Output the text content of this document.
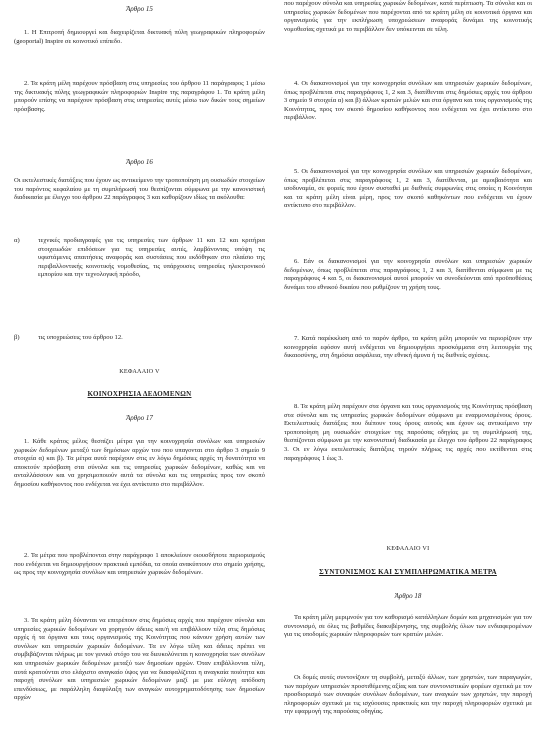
Άρθρο 15

1. Η Επιτροπή δημιουργεί και διαχειρίζεται δικτυακή πύλη γεωγραφικών πληροφοριών (geoportal) Inspire σε κοινοτικό επίπεδο.

2. Τα κράτη μέλη παρέχουν πρόσβαση στις υπηρεσίες του άρθρου 11 παράγραφος 1 μέσω της δικτυακής πύλης γεωγραφικών πληροφοριών Inspire της παραγράφου 1. Τα κράτη μέλη μπορούν επίσης να παρέχουν πρόσβαση στις υπηρεσίες αυτές μέσω των δικών τους σημείων πρόσβασης.

Άρθρο 16

Οι εκτελεστικές διατάξεις που έχουν ως αντικείμενο την τροποποίηση μη ουσιωδών στοιχείων του παρόντος κεφαλαίου με τη συμπλήρωσή του θεσπίζονται σύμφωνα με την κανονιστική διαδικασία με έλεγχο του άρθρου 22 παράγραφος 3 και καθορίζουν ιδίως τα ακόλουθα:

α)	τεχνικές προδιαγραφές για τις υπηρεσίες των άρθρων 11 και 12 και κριτήρια στοιχειωδών επιδόσεων για τις υπηρεσίες αυτές, λαμβάνοντας υπόψη τις υφιστάμενες απαιτήσεις αναφοράς και συστάσεις που εκδόθηκαν στο πλαίσιο της περιβαλλοντικής κοινοτικής νομοθεσίας, τις υπάρχουσες υπηρεσίες ηλεκτρονικού εμπορίου και την τεχνολογική πρόοδο,

β)	τις υποχρεώσεις του άρθρου 12.

ΚΕΦΑΛΑΙΟ V

ΚΟΙΝΟΧΡΗΣΙΑ ΔΕΔΟΜΕΝΩΝ

Άρθρο 17

1. Κάθε κράτος μέλος θεσπίζει μέτρα για την κοινοχρησία συνόλων και υπηρεσιών χωρικών δεδομένων μεταξύ των δημόσιων αρχών του που υπαγονται στο άρθρο 3 σημείο 9 στοιχεία α) και β). Τα μέτρα αυτά παρέχουν στις εν λόγω δημόσιες αρχές τη δυνατότητα να αποκτούν πρόσβαση στα σύνολα και τις υπηρεσίες χωρικών δεδομένων, καθώς και να ανταλλάσσουν και να χρησιμοποιούν αυτά τα σύνολα και τις υπηρεσίες προς τον σκοπό δημοσίου καθήκοντος που ενδέχεται να έχει αντίκτυπο στο περιβάλλον.

2. Τα μέτρα που προβλέπονται στην παράγραφο 1 αποκλείουν οιουσδήποτε περιορισμούς που ενδέχεται να δημιουργήσουν πρακτικά εμπόδια, τα οποία ανακύπτουν στο σημείο χρήσης, ως προς την κοινοχρησία συνόλων και υπηρεσιών χωρικών δεδομένων.

3. Τα κράτη μέλη δύνανται να επιτρέπουν στις δημόσιες αρχές που παρέχουν σύνολα και υπηρεσίες χωρικών δεδομένων να χορηγούν άδειες και/ή να επιβάλλουν τέλη στις δημόσιες αρχές ή τα όργανα και τους οργανισμούς της Κοινότητας που κάνουν χρήση αυτών των συνόλων και υπηρεσιών χωρικών δεδομένων. Τα εν λόγω τέλη και άδειες πρέπει να συμβιβάζονται πλήρως με τον γενικό στόχο του να διευκολύνεται η κοινοχρησία των συνόλων και υπηρεσιών χωρικών δεδομένων μεταξύ των δημοσίων αρχών. Όταν επιβάλλονται τέλη, αυτά κρατούνται στο ελάχιστο αναγκαίο ύψος για να διασφαλίζεται η αναγκαία ποιότητα και παροχή συνόλων και υπηρεσιών χωρικών δεδομένων μαζί με μια εύλογη απόδοση επενδύσεως, με παράλληλη διαφύλαξη των αναγκών αυτοχρηματοδότησης των δημοσίων αρχών

που παρέχουν σύνολα και υπηρεσίες χωρικών δεδομένων, κατά περίπτωση. Τα σύνολα και οι υπηρεσίες χωρικών δεδομένων που παρέχονται από τα κράτη μέλη σε κοινοτικά όργανα και οργανισμούς για την εκπλήρωση υποχρεώσεων αναφοράς δυνάμει της κοινοτικής νομοθεσίας σχετικά με το περιβάλλον δεν υπόκεινται σε τέλη.

4. Οι διακανονισμοί για την κοινοχρησία συνόλων και υπηρεσιών χωρικών δεδομένων, όπως προβλέπεται στις παραγράφους 1, 2 και 3, διατίθενται στις δημόσιες αρχές του άρθρου 3 σημείο 9 στοιχεία α) και β) άλλων κρατών μελών και στα όργανα και τους οργανισμούς της Κοινότητας, προς τον σκοπό δημοσίου καθήκοντος που ενδέχεται να έχει αντίκτυπο στο περιβάλλον.

5. Οι διακανονισμοί για την κοινοχρησία συνόλων και υπηρεσιών χωρικών δεδομένων, όπως προβλέπεται στις παραγράφους 1, 2 και 3, διατίθενται, με αμοιβαιότητα και ισοδυναμία, σε φορείς που έχουν συσταθεί με διεθνείς συμφωνίες στις οποίες η Κοινότητα και τα κράτη μέλη είναι μέρη, προς τον σκοπό καθηκόντων που ενδέχεται να έχουν αντίκτυπο στο περιβάλλον.

6. Εάν οι διακανονισμοί για την κοινοχρησία συνόλων και υπηρεσιών χωρικών δεδομένων, όπως προβλέπεται στις παραγράφους 1, 2 και 3, διατίθενται σύμφωνα με τις παραγράφους 4 και 5, οι διακανονισμοί αυτοί μπορούν να συνοδεύονται από προϋποθέσεις δυνάμει του εθνικού δικαίου που ρυθμίζουν τη χρήση τους.

7. Κατά παρέκκλιση από το παρόν άρθρο, τα κράτη μέλη μπορούν να περιορίζουν την κοινοχρησία εφόσον αυτή ενδέχεται να δημιουργήσει προσκόμματα στη λειτουργία της δικαιοσύνης, στη δημόσια ασφάλεια, την εθνική άμυνα ή τις διεθνείς σχέσεις.

8. Τα κράτη μέλη παρέχουν στα όργανα και τους οργανισμούς της Κοινότητας πρόσβαση στα σύνολα και τις υπηρεσίες χωρικών δεδομένων σύμφωνα με εναρμονισμένους όρους. Εκτελεστικές διατάξεις που διέπουν τους όρους αυτούς και έχουν ως αντικείμενο την τροποποίηση μη ουσιωδών στοιχείων της παρούσας οδηγίας με τη συμπλήρωσή της, θεσπίζονται σύμφωνα με την κανονιστική διαδικασία με έλεγχο του άρθρου 22 παράγραφος 3. Οι εν λόγω εκτελεστικές διατάξεις τηρούν πλήρως τις αρχές που εκτίθενται στις παραγράφους 1 έως 3.

ΚΕΦΑΛΑΙΟ VI

ΣΥΝΤΟΝΙΣΜΟΣ ΚΑΙ ΣΥΜΠΛΗΡΩΜΑΤΙΚΑ ΜΕΤΡΑ

Άρθρο 18

Τα κράτη μέλη μεριμνούν για τον καθορισμό κατάλληλων δομών και μηχανισμών για τον συντονισμό, σε όλες τις βαθμίδες διακυβέρνησης, της συμβολής όλων των ενδιαφερομένων για τις υποδομές χωρικών πληροφοριών των κρατών μελών.

Οι δομές αυτές συντονίζουν τη συμβολή, μεταξύ άλλων, των χρηστών, των παραγωγών, των παρόχων υπηρεσιών προστιθέμενης αξίας και των συντονιστικών φορέων σχετικά με τον προσδιορισμό των συναφών συνόλων δεδομένων, των αναγκών των χρηστών, την παροχή πληροφοριών σχετικά με τις ισχύουσες πρακτικές και την παροχή πληροφοριών σχετικά με την εφαρμογή της παρούσας οδηγίας.
